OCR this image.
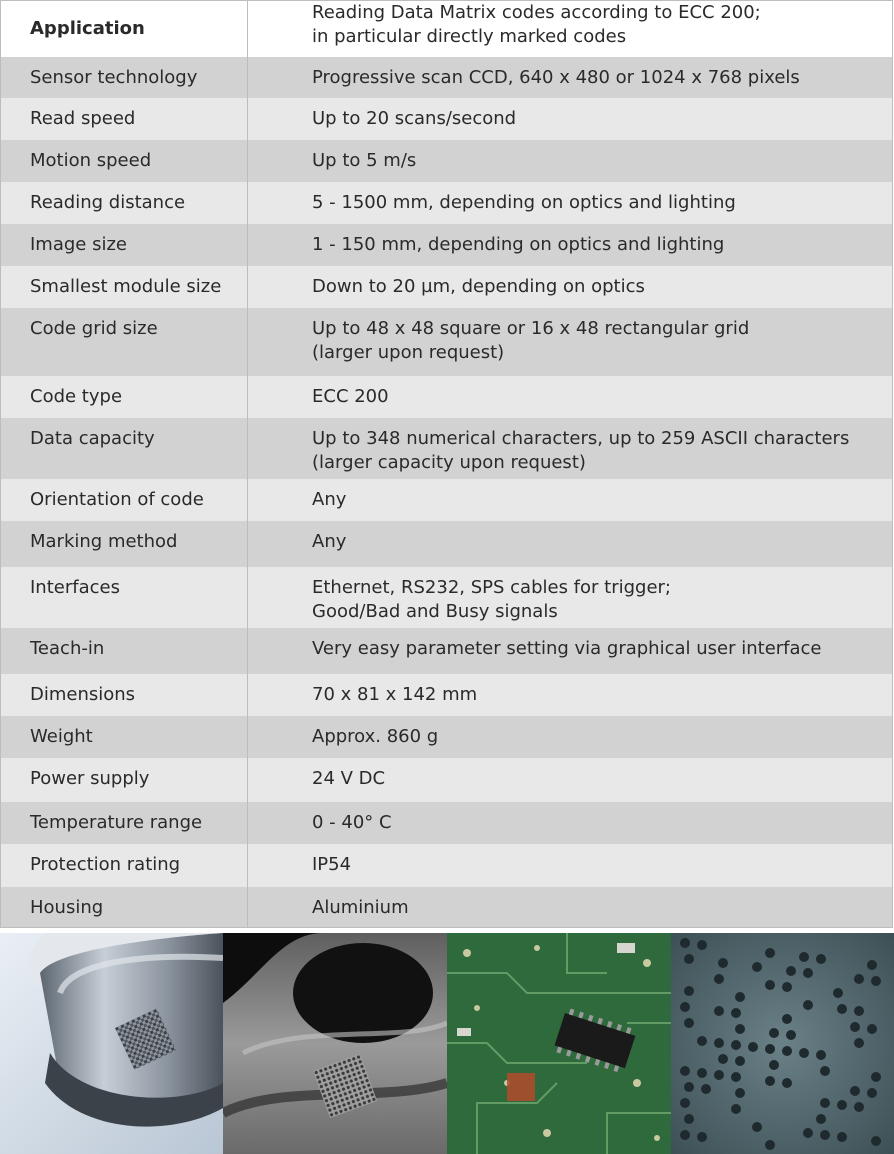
Application	Reading Data Matrix codes according to ECC 200;
in particular directly marked codes
Sensor technology	Progressive scan CCD, 640 x 480 or 1024 x 768 pixels
Read speed	Up to 20 scans/second
Motion speed	Up to 5 m/s
Reading distance	5 - 1500 mm, depending on optics and lighting
Image size	1 - 150 mm, depending on optics and lighting
Smallest module size	Down to 20 µm, depending on optics
Code grid size	Up to 48 x 48 square or 16 x 48 rectangular grid
(larger upon request)
Code type	ECC 200
Data capacity	Up to 348 numerical characters, up to 259 ASCII characters
(larger capacity upon request)
Orientation of code	Any
Marking method	Any
Interfaces	Ethernet, RS232, SPS cables for trigger;
Good/Bad and Busy signals
Teach-in	Very easy parameter setting via graphical user interface
Dimensions	70 x 81 x 142 mm
Weight	Approx. 860 g
Power supply	24 V DC
Temperature range	0 - 40° C
Protection rating	IP54
Housing	Aluminium
